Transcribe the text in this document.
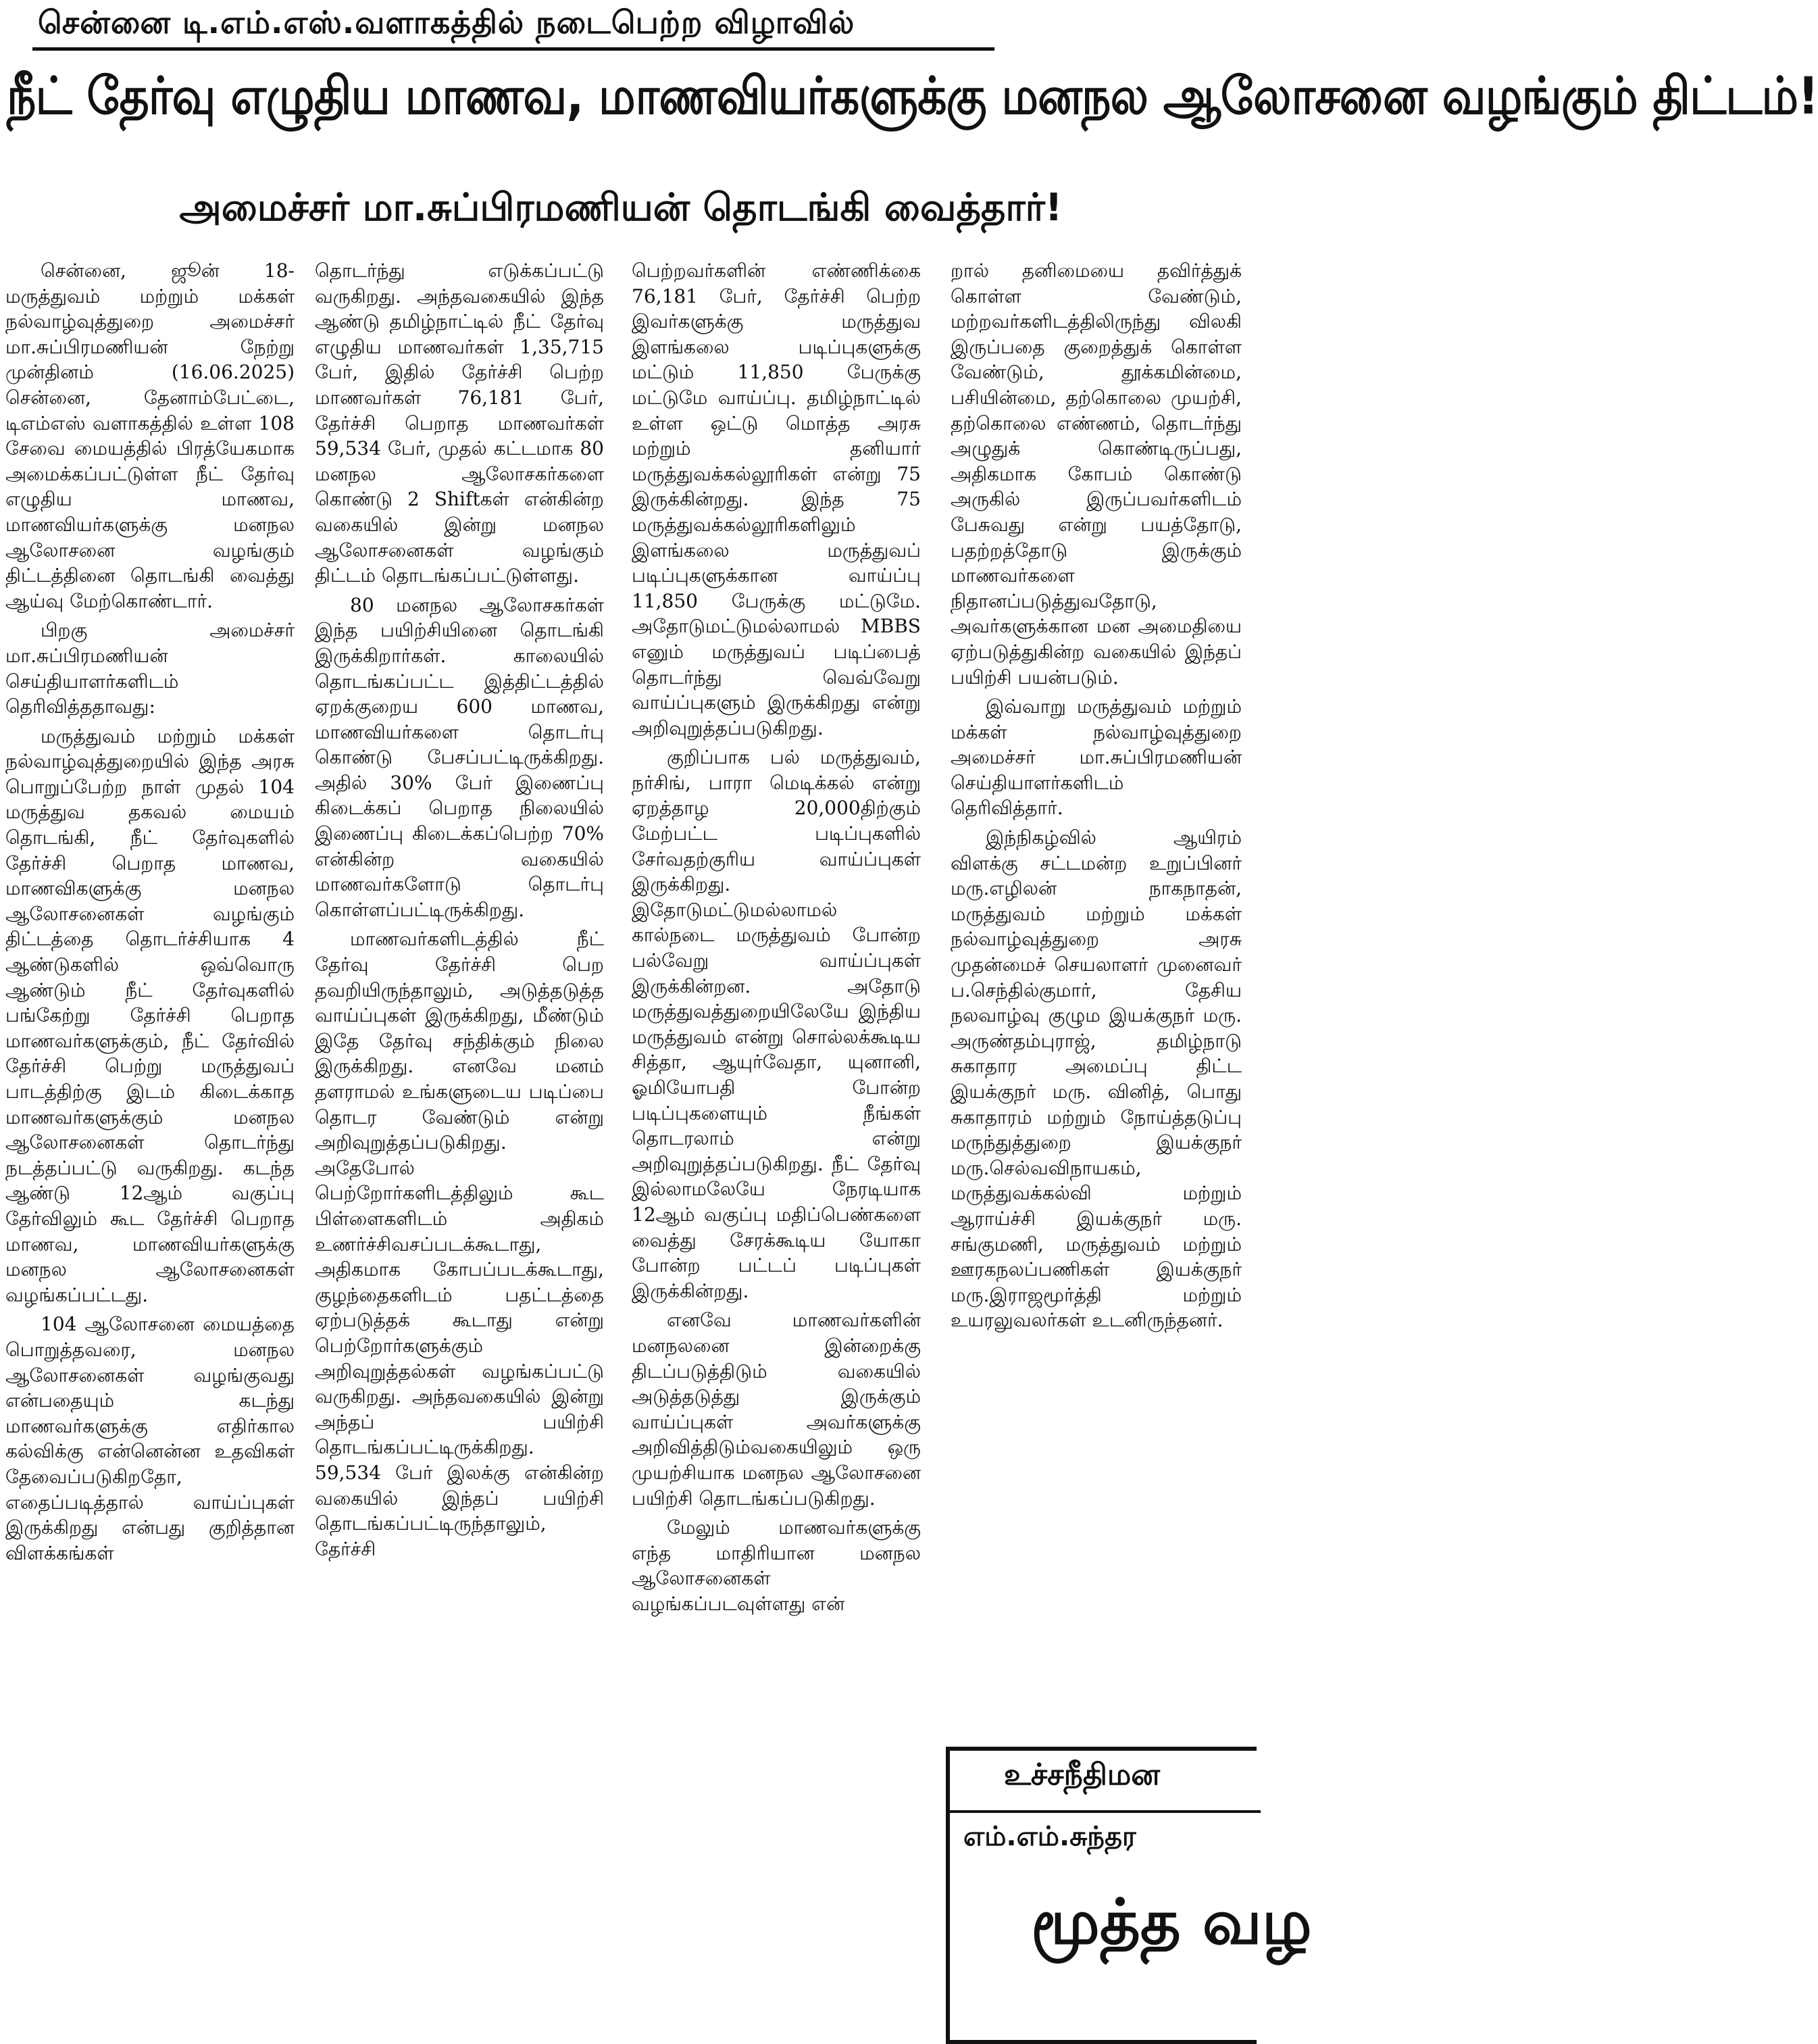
சென்னை டி.எம்.எஸ்.வளாகத்தில் நடைபெற்ற விழாவில்
நீட் தேர்வு எழுதிய மாணவ, மாணவியர்களுக்கு மனநல ஆலோசனை வழங்கும் திட்டம்!
அமைச்சர் மா.சுப்பிரமணியன் தொடங்கி வைத்தார்!

சென்னை, ஜூன் 18- மருத்துவம் மற்றும் மக்கள் நல்வாழ்வுத்துறை அமைச்சர் மா.சுப்பிரமணியன் நேற்று முன்தினம் (16.06.2025) சென்னை, தேனாம்பேட்டை, டிஎம்எஸ் வளாகத்தில் உள்ள 108 சேவை மையத்தில் பிரத்யேகமாக அமைக்கப்பட்டுள்ள நீட் தேர்வு எழுதிய மாணவ, மாணவியர்களுக்கு மனநல ஆலோசனை வழங்கும் திட்டத்தினை தொடங்கி வைத்து ஆய்வு மேற்கொண்டார்.

பிறகு அமைச்சர் மா.சுப்பிரமணியன் செய்தியாளர்களிடம் தெரிவித்ததாவது:

மருத்துவம் மற்றும் மக்கள் நல்வாழ்வுத்துறையில் இந்த அரசு பொறுப்பேற்ற நாள் முதல் 104 மருத்துவ தகவல் மையம் தொடங்கி, நீட் தேர்வுகளில் தேர்ச்சி பெறாத மாணவ, மாணவிகளுக்கு மனநல ஆலோசனைகள் வழங்கும் திட்டத்தை தொடர்ச்சியாக 4 ஆண்டுகளில் ஒவ்வொரு ஆண்டும் நீட் தேர்வுகளில் பங்கேற்று தேர்ச்சி பெறாத மாணவர்களுக்கும், நீட் தேர்வில் தேர்ச்சி பெற்று மருத்துவப் பாடத்திற்கு இடம் கிடைக்காத மாணவர்களுக்கும் மனநல ஆலோசனைகள் தொடர்ந்து நடத்தப்பட்டு வருகிறது. கடந்த ஆண்டு 12ஆம் வகுப்பு தேர்விலும் கூட தேர்ச்சி பெறாத மாணவ, மாணவியர்களுக்கு மனநல ஆலோசனைகள் வழங்கப்பட்டது.

104 ஆலோசனை மையத்தை பொறுத்தவரை, மனநல ஆலோசனைகள் வழங்குவது என்பதையும் கடந்து மாணவர்களுக்கு எதிர்கால கல்விக்கு என்னென்ன உதவிகள் தேவைப்படுகிறதோ, எதைப்படித்தால் வாய்ப்புகள் இருக்கிறது என்பது குறித்தான விளக்கங்கள்

தொடர்ந்து எடுக்கப்பட்டு வருகிறது. அந்தவகையில் இந்த ஆண்டு தமிழ்நாட்டில் நீட் தேர்வு எழுதிய மாணவர்கள் 1,35,715 பேர், இதில் தேர்ச்சி பெற்ற மாணவர்கள் 76,181 பேர், தேர்ச்சி பெறாத மாணவர்கள் 59,534 பேர், முதல் கட்டமாக 80 மனநல ஆலோசகர்களை கொண்டு 2 Shiftகள் என்கின்ற வகையில் இன்று மனநல ஆலோசனைகள் வழங்கும் திட்டம் தொடங்கப்பட்டுள்ளது.

80 மனநல ஆலோசகர்கள் இந்த பயிற்சியினை தொடங்கி இருக்கிறார்கள். காலையில் தொடங்கப்பட்ட இத்திட்டத்தில் ஏறக்குறைய 600 மாணவ, மாணவியர்களை தொடர்பு கொண்டு பேசப்பட்டிருக்கிறது. அதில் 30% பேர் இணைப்பு கிடைக்கப் பெறாத நிலையில் இணைப்பு கிடைக்கப்பெற்ற 70% என்கின்ற வகையில் மாணவர்களோடு தொடர்பு கொள்ளப்பட்டிருக்கிறது.

மாணவர்களிடத்தில் நீட் தேர்வு தேர்ச்சி பெற தவறியிருந்தாலும், அடுத்தடுத்த வாய்ப்புகள் இருக்கிறது, மீண்டும் இதே தேர்வு சந்திக்கும் நிலை இருக்கிறது. எனவே மனம் தளராமல் உங்களுடைய படிப்பை தொடர வேண்டும் என்று அறிவுறுத்தப்படுகிறது. அதேபோல் பெற்றோர்களிடத்திலும் கூட பிள்ளைகளிடம் அதிகம் உணர்ச்சிவசப்படக்கூடாது, அதிகமாக கோபப்படக்கூடாது, குழந்தைகளிடம் பதட்டத்தை ஏற்படுத்தக் கூடாது என்று பெற்றோர்களுக்கும் அறிவுறுத்தல்கள் வழங்கப்பட்டு வருகிறது. அந்தவகையில் இன்று அந்தப் பயிற்சி தொடங்கப்பட்டிருக்கிறது. 59,534 பேர் இலக்கு என்கின்ற வகையில் இந்தப் பயிற்சி தொடங்கப்பட்டிருந்தாலும், தேர்ச்சி

பெற்றவர்களின் எண்ணிக்கை 76,181 பேர், தேர்ச்சி பெற்ற இவர்களுக்கு மருத்துவ இளங்கலை படிப்புகளுக்கு மட்டும் 11,850 பேருக்கு மட்டுமே வாய்ப்பு. தமிழ்நாட்டில் உள்ள ஒட்டு மொத்த அரசு மற்றும் தனியார் மருத்துவக்கல்லூரிகள் என்று 75 இருக்கின்றது. இந்த 75 மருத்துவக்கல்லூரிகளிலும் இளங்கலை மருத்துவப் படிப்புகளுக்கான வாய்ப்பு 11,850 பேருக்கு மட்டுமே. அதோடுமட்டுமல்லாமல் MBBS எனும் மருத்துவப் படிப்பைத் தொடர்ந்து வெவ்வேறு வாய்ப்புகளும் இருக்கிறது என்று அறிவுறுத்தப்படுகிறது.

குறிப்பாக பல் மருத்துவம், நர்சிங், பாரா மெடிக்கல் என்று ஏறத்தாழ 20,000திற்கும் மேற்பட்ட படிப்புகளில் சேர்வதற்குரிய வாய்ப்புகள் இருக்கிறது. இதோடுமட்டுமல்லாமல் கால்நடை மருத்துவம் போன்ற பல்வேறு வாய்ப்புகள் இருக்கின்றன. அதோடு மருத்துவத்துறையிலேயே இந்திய மருத்துவம் என்று சொல்லக்கூடிய சித்தா, ஆயுர்வேதா, யுனானி, ஓமியோபதி போன்ற படிப்புகளையும் நீங்கள் தொடரலாம் என்று அறிவுறுத்தப்படுகிறது. நீட் தேர்வு இல்லாமலேயே நேரடியாக 12ஆம் வகுப்பு மதிப்பெண்களை வைத்து சேரக்கூடிய யோகா போன்ற பட்டப் படிப்புகள் இருக்கின்றது.

எனவே மாணவர்களின் மனநலனை இன்றைக்கு திடப்படுத்திடும் வகையில் அடுத்தடுத்து இருக்கும் வாய்ப்புகள் அவர்களுக்கு அறிவித்திடும்வகையிலும் ஒரு முயற்சியாக மனநல ஆலோசனை பயிற்சி தொடங்கப்படுகிறது.

மேலும் மாணவர்களுக்கு எந்த மாதிரியான மனநல ஆலோசனைகள் வழங்கப்படவுள்ளது என்

றால் தனிமையை தவிர்த்துக் கொள்ள வேண்டும், மற்றவர்களிடத்திலிருந்து விலகி இருப்பதை குறைத்துக் கொள்ள வேண்டும், தூக்கமின்மை, பசியின்மை, தற்கொலை முயற்சி, தற்கொலை எண்ணம், தொடர்ந்து அழுதுக் கொண்டிருப்பது, அதிகமாக கோபம் கொண்டு அருகில் இருப்பவர்களிடம் பேசுவது என்று பயத்தோடு, பதற்றத்தோடு இருக்கும் மாணவர்களை நிதானப்படுத்துவதோடு, அவர்களுக்கான மன அமைதியை ஏற்படுத்துகின்ற வகையில் இந்தப் பயிற்சி பயன்படும்.

இவ்வாறு மருத்துவம் மற்றும் மக்கள் நல்வாழ்வுத்துறை அமைச்சர் மா.சுப்பிரமணியன் செய்தியாளர்களிடம் தெரிவித்தார்.

இந்நிகழ்வில் ஆயிரம் விளக்கு சட்டமன்ற உறுப்பினர் மரு.எழிலன் நாகநாதன், மருத்துவம் மற்றும் மக்கள் நல்வாழ்வுத்துறை அரசு முதன்மைச் செயலாளர் முனைவர் ப.செந்தில்குமார், தேசிய நலவாழ்வு குழும இயக்குநர் மரு. அருண்தம்புராஜ், தமிழ்நாடு சுகாதார அமைப்பு திட்ட இயக்குநர் மரு. வினித், பொது சுகாதாரம் மற்றும் நோய்த்தடுப்பு மருந்துத்துறை இயக்குநர் மரு.செல்வவிநாயகம், மருத்துவக்கல்வி மற்றும் ஆராய்ச்சி இயக்குநர் மரு. சங்குமணி, மருத்துவம் மற்றும் ஊரகநலப்பணிகள் இயக்குநர் மரு.இராஜமூர்த்தி மற்றும் உயரலுவலர்கள் உடனிருந்தனர்.

உச்சநீதிமன
எம்.எம்.சுந்தர
மூத்த வழ
